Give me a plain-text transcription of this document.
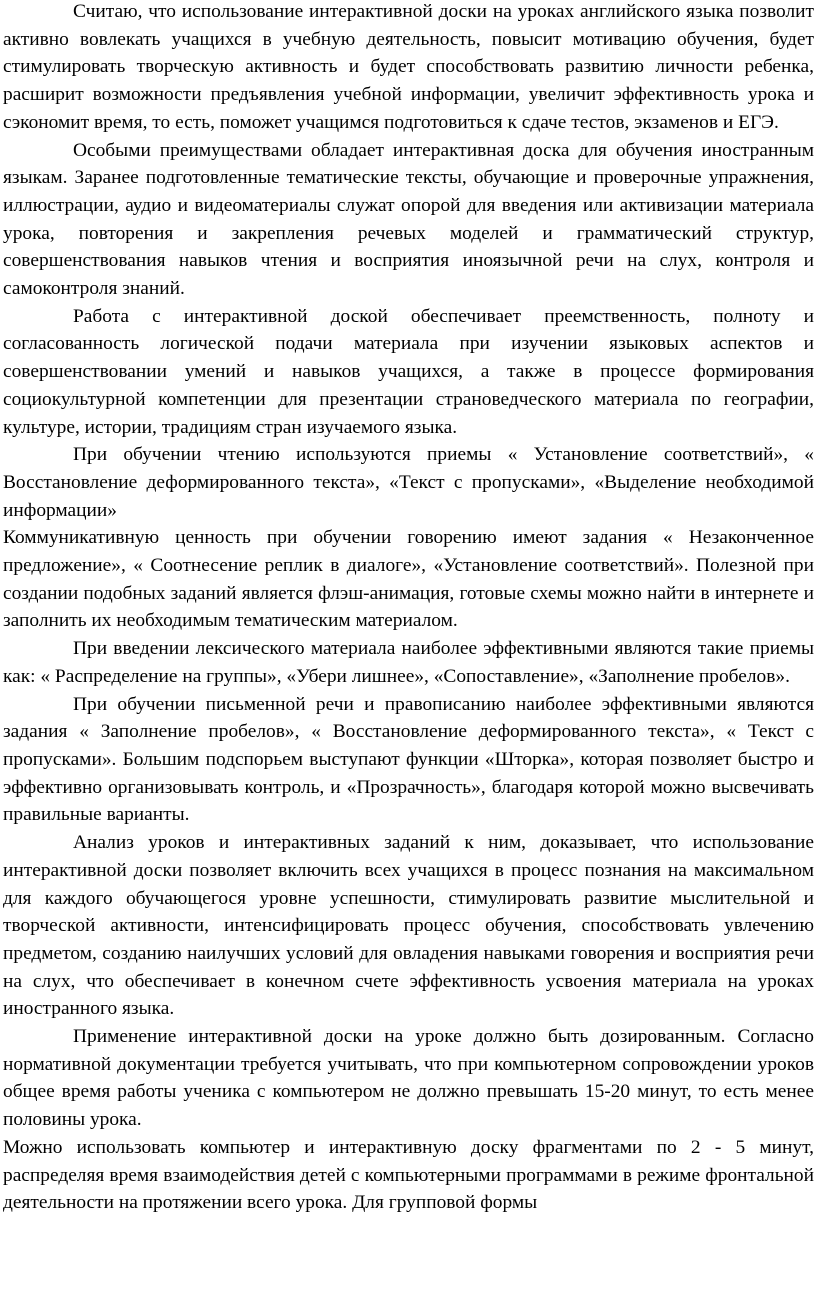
Считаю, что использование интерактивной доски на уроках английского языка позволит активно вовлекать учащихся в учебную деятельность, повысит мотивацию обучения, будет стимулировать творческую активность и будет способствовать развитию личности ребенка, расширит возможности предъявления учебной информации, увеличит эффективность урока и сэкономит время, то есть, поможет учащимся подготовиться к сдаче тестов, экзаменов и ЕГЭ.

Особыми преимуществами обладает интерактивная доска для обучения иностранным языкам. Заранее подготовленные тематические тексты, обучающие и проверочные упражнения, иллюстрации, аудио и видеоматериалы служат опорой для введения или активизации материала урока, повторения и закрепления речевых моделей и грамматический структур, совершенствования навыков чтения и восприятия иноязычной речи на слух, контроля и самоконтроля знаний.

Работа с интерактивной доской обеспечивает преемственность, полноту и согласованность логической подачи материала при изучении языковых аспектов и совершенствовании умений и навыков учащихся, а также в процессе формирования социокультурной компетенции для презентации страноведческого материала по географии, культуре, истории, традициям стран изучаемого языка.

При обучении чтению используются приемы « Установление соответствий», « Восстановление деформированного текста», «Текст с пропусками», «Выделение необходимой информации»

Коммуникативную ценность при обучении говорению имеют задания « Незаконченное предложение», « Соотнесение реплик в диалоге», «Установление соответствий». Полезной при создании подобных заданий является флэш-анимация, готовые схемы можно найти в интернете и заполнить их необходимым тематическим материалом.

При введении лексического материала наиболее эффективными являются такие приемы как: « Распределение на группы», «Убери лишнее», «Сопоставление», «Заполнение пробелов».

При обучении письменной речи и правописанию наиболее эффективными являются задания « Заполнение пробелов», « Восстановление деформированного текста», « Текст с пропусками». Большим подспорьем выступают функции «Шторка», которая позволяет быстро и эффективно организовывать контроль, и «Прозрачность», благодаря которой можно высвечивать правильные варианты.

Анализ уроков и интерактивных заданий к ним, доказывает, что использование интерактивной доски позволяет включить всех учащихся в процесс познания на максимальном для каждого обучающегося уровне успешности, стимулировать развитие мыслительной и творческой активности, интенсифицировать процесс обучения, способствовать увлечению предметом, созданию наилучших условий для овладения навыками говорения и восприятия речи на слух, что обеспечивает в конечном счете эффективность усвоения материала на уроках иностранного языка.

Применение интерактивной доски на уроке должно быть дозированным. Согласно нормативной документации требуется учитывать, что при компьютерном сопровождении уроков общее время работы ученика с компьютером не должно превышать 15-20 минут, то есть менее половины урока.

Можно использовать компьютер и интерактивную доску фрагментами по 2 - 5 минут, распределяя время взаимодействия детей с компьютерными программами в режиме фронтальной деятельности на протяжении всего урока. Для групповой формы
